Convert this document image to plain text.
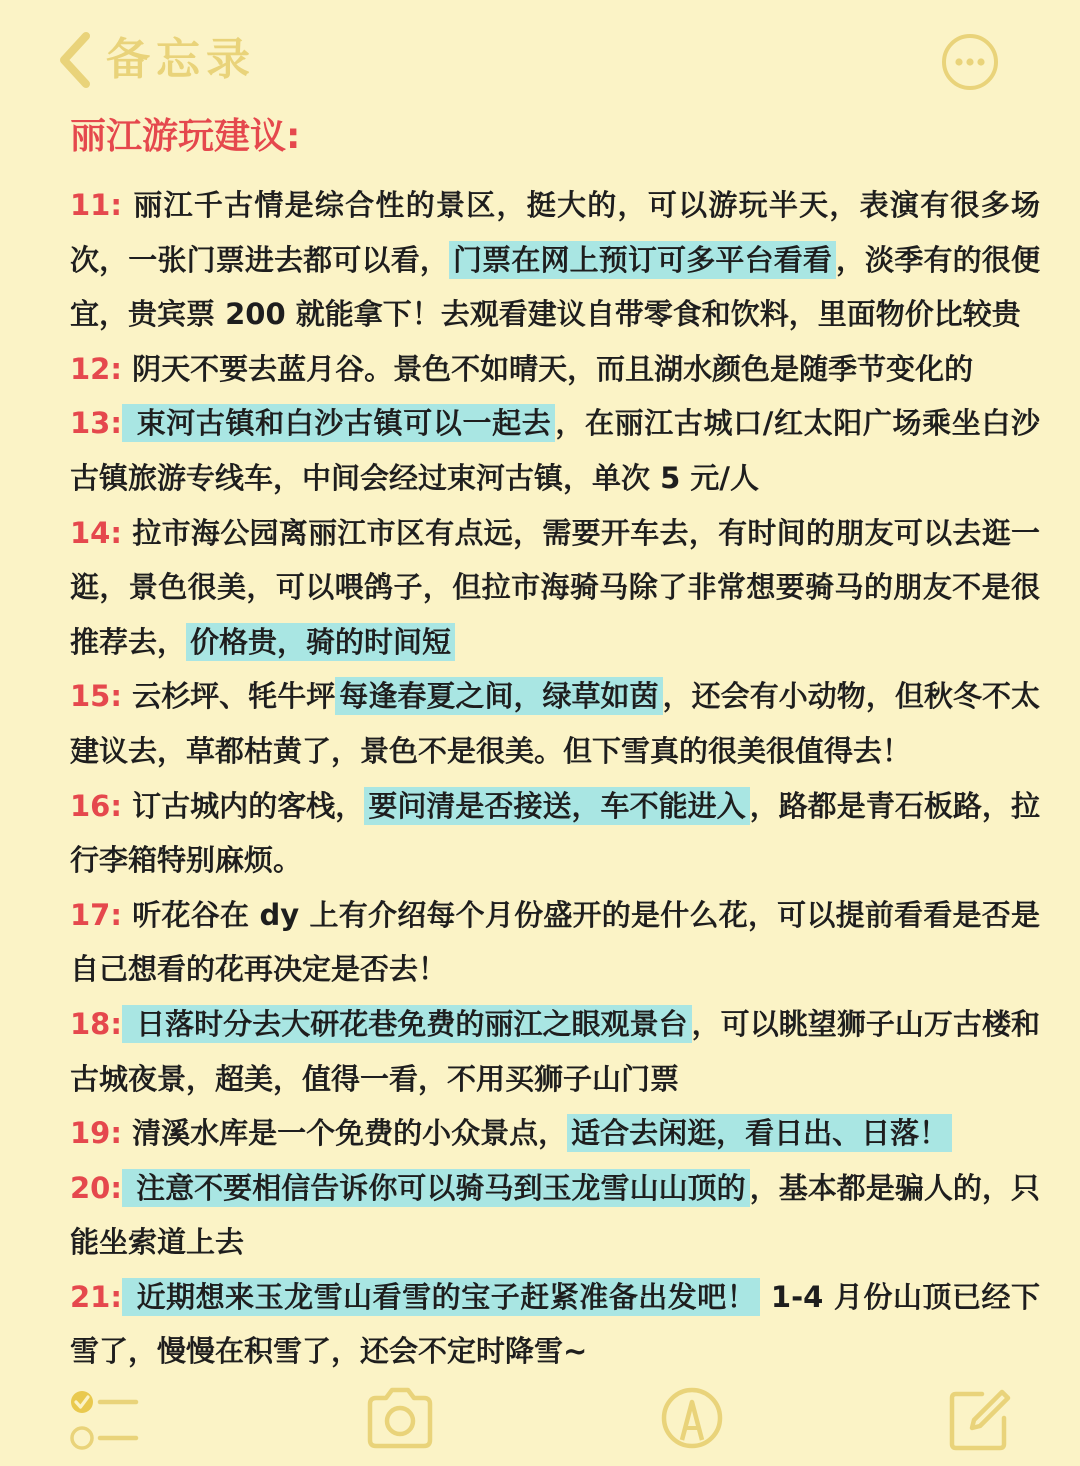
备忘录
丽江游玩建议:
11: 丽江千古情是综合性的景区，挺大的，可以游玩半天，表演有很多场次，一张门票进去都可以看， 门票在网上预订可多平台看看 ，淡季有的很便宜，贵宾票 200 就能拿下！去观看建议自带零食和饮料，里面物价比较贵
12: 阴天不要去蓝月谷。景色不如晴天，而且湖水颜色是随季节变化的
13: 束河古镇和白沙古镇可以一起去 ，在丽江古城口/红太阳广场乘坐白沙古镇旅游专线车，中间会经过束河古镇，单次 5 元/人
14: 拉市海公园离丽江市区有点远，需要开车去，有时间的朋友可以去逛一逛，景色很美，可以喂鸽子，但拉市海骑马除了非常想要骑马的朋友不是很推荐去， 价格贵，骑的时间短
15: 云杉坪、牦牛坪 每逢春夏之间，绿草如茵 ，还会有小动物，但秋冬不太建议去，草都枯黄了，景色不是很美。但下雪真的很美很值得去！
16: 订古城内的客栈， 要问清是否接送，车不能进入 ，路都是青石板路，拉行李箱特别麻烦。
17: 听花谷在 dy 上有介绍每个月份盛开的是什么花，可以提前看看是否是自己想看的花再决定是否去！
18: 日落时分去大研花巷免费的丽江之眼观景台 ，可以眺望狮子山万古楼和古城夜景，超美，值得一看，不用买狮子山门票
19: 清溪水库是一个免费的小众景点， 适合去闲逛，看日出、日落！
20: 注意不要相信告诉你可以骑马到玉龙雪山山顶的 ，基本都是骗人的，只能坐索道上去
21: 近期想来玉龙雪山看雪的宝子赶紧准备出发吧！ 1-4 月份山顶已经下雪了，慢慢在积雪了，还会不定时降雪~
